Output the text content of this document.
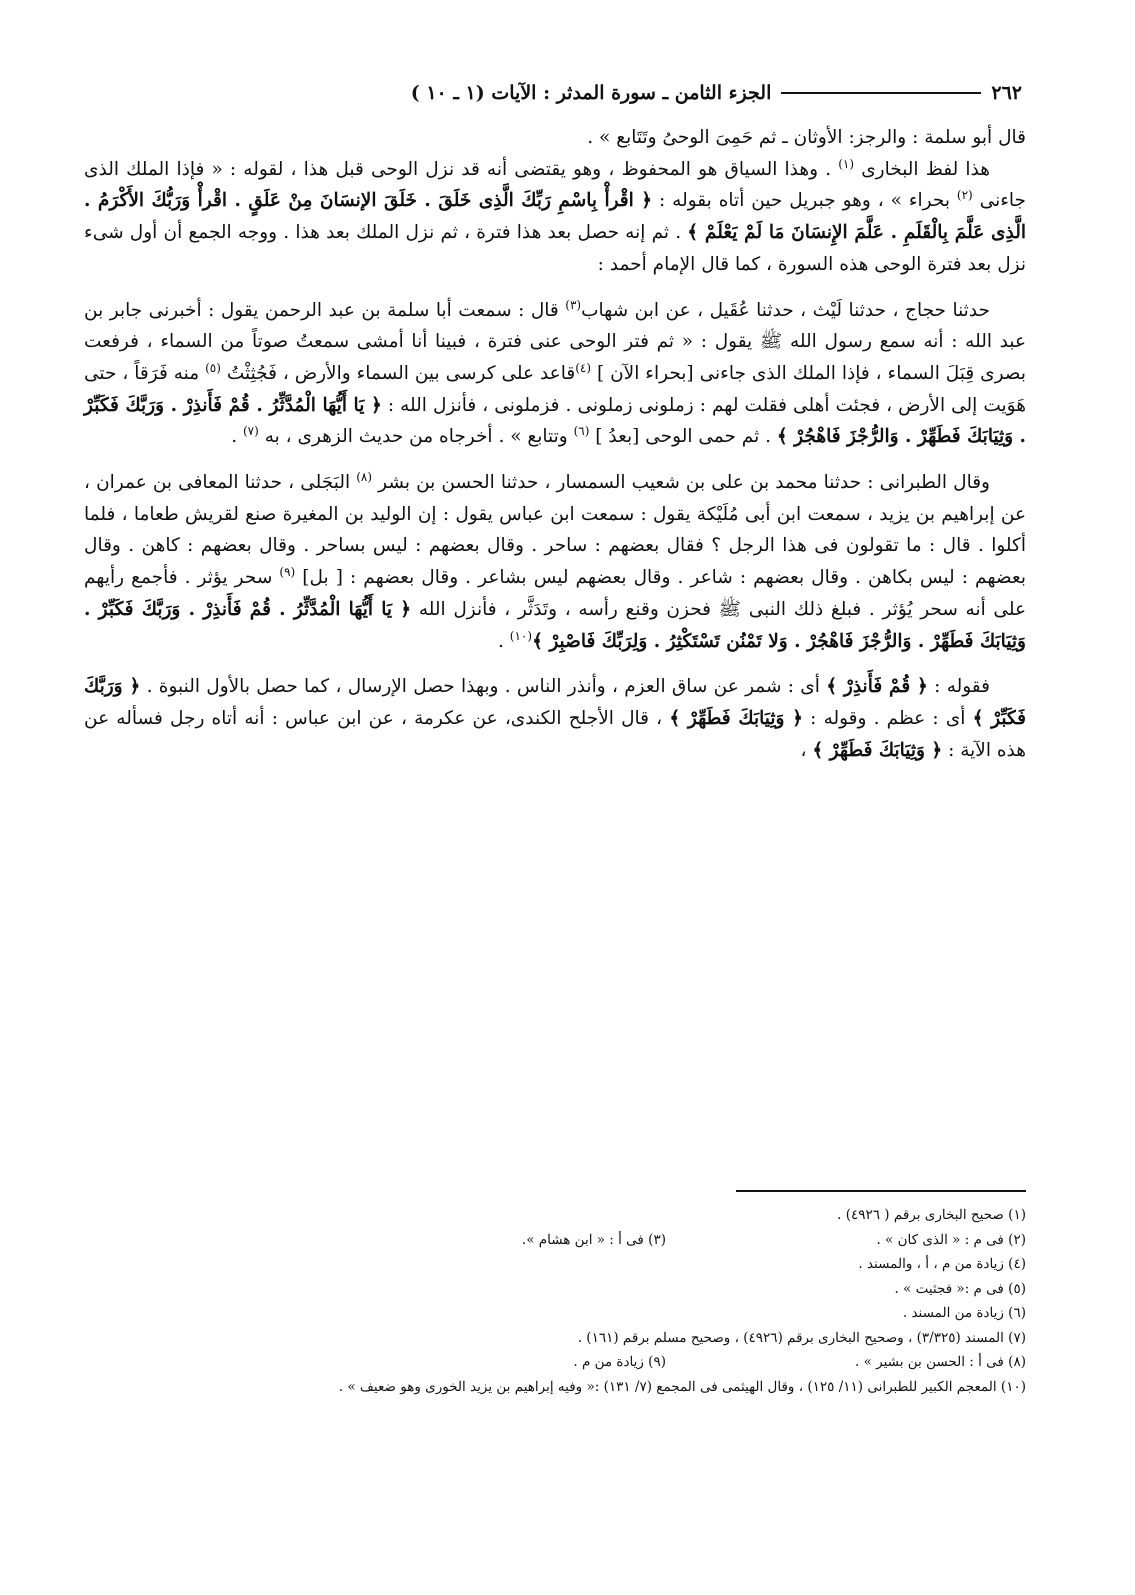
٢٦٢
الجزء الثامن ـ سورة المدثر : الآيات (١ ـ ١٠ )

قال أبو سلمة : والرجز: الأوثان ـ ثم حَمِىَ الوحىُ وتَتَابع » .

هذا لفظ البخارى $^{(١)}$ . وهذا السياق هو المحفوظ ، وهو يقتضى أنه قد نزل الوحى قبل هذا ، لقوله : « فإذا الملك الذى جاءنى $^{(٢)}$ بحراء » ، وهو جبريل حين أتاه بقوله : ﴿ اقْرأْ بِاسْمِ رَبِّكَ الَّذِى خَلَقَ . خَلَقَ الإنسَانَ مِنْ عَلَقٍ . اقْرأْ وَرَبُّكَ الأَكْرَمُ . الَّذِى عَلَّمَ بِالْقَلَمِ . عَلَّمَ الإِنسَانَ مَا لَمْ يَعْلَمْ ﴾ . ثم إنه حصل بعد هذا فترة ، ثم نزل الملك بعد هذا . ووجه الجمع أن أول شىء نزل بعد فترة الوحى هذه السورة ، كما قال الإمام أحمد :

حدثنا حجاج ، حدثنا لَيْث ، حدثنا عُقَيل ، عن ابن شهاب$^{(٣)}$ قال : سمعت أبا سلمة بن عبد الرحمن يقول : أخبرنى جابر بن عبد الله : أنه سمع رسول الله ﷺ يقول : « ثم فتر الوحى عنى فترة ، فبينا أنا أمشى سمعتُ صوتاً من السماء ، فرفعت بصرى قِبَلَ السماء ، فإذا الملك الذى جاءنى [بحراء الآن ] $^{(٤)}$قاعد على كرسى بين السماء والأرض ، فَجُثِثْتُ $^{(٥)}$ منه فَرَقاً ، حتى هَوَيت إلى الأرض ، فجئت أهلى فقلت لهم : زملونى زملونى . فزملونى ، فأنزل الله : ﴿ يَا أَيُّهَا الْمُدَّثِّرُ . قُمْ فَأَنذِرْ . وَرَبَّكَ فَكَبِّرْ . وَثِيَابَكَ فَطَهِّرْ . وَالرُّجْزَ فَاهْجُرْ ﴾ . ثم حمى الوحى [بعدُ ] $^{(٦)}$ وتتابع » . أخرجاه من حديث الزهرى ، به $^{(٧)}$ .

وقال الطبرانى : حدثنا محمد بن على بن شعيب السمسار ، حدثنا الحسن بن بشر $^{(٨)}$ البَجَلى ، حدثنا المعافى بن عمران ، عن إبراهيم بن يزيد ، سمعت ابن أبى مُلَيْكة يقول : سمعت ابن عباس يقول : إن الوليد بن المغيرة صنع لقريش طعاما ، فلما أكلوا . قال : ما تقولون فى هذا الرجل ؟ فقال بعضهم : ساحر . وقال بعضهم : ليس بساحر . وقال بعضهم : كاهن . وقال بعضهم : ليس بكاهن . وقال بعضهم : شاعر . وقال بعضهم ليس بشاعر . وقال بعضهم : [ بل] $^{(٩)}$ سحر يؤثر . فأجمع رأيهم على أنه سحر يُؤثر . فبلغ ذلك النبى ﷺ فحزن وقنع رأسه ، وتَدَثَّر ، فأنزل الله ﴿ يَا أَيُّهَا الْمُدَّثِّرُ . قُمْ فَأَنذِرْ . وَرَبَّكَ فَكَبِّرْ . وَثِيَابَكَ فَطَهِّرْ . وَالرُّجْزَ فَاهْجُرْ . وَلا تَمْنُن تَسْتَكْثِرُ . وَلِرَبِّكَ فَاصْبِرْ ﴾$^{(١٠)}$ .

فقوله : ﴿ قُمْ فَأَنذِرْ ﴾ أى : شمر عن ساق العزم ، وأنذر الناس . وبهذا حصل الإرسال ، كما حصل بالأول النبوة . ﴿ وَرَبَّكَ فَكَبِّرْ ﴾ أى : عظم . وقوله : ﴿ وَثِيَابَكَ فَطَهِّرْ ﴾ ، قال الأجلح الكندى، عن عكرمة ، عن ابن عباس : أنه أتاه رجل فسأله عن هذه الآية : ﴿ وَثِيَابَكَ فَطَهِّرْ ﴾ ،

(١) صحيح البخارى برقم ( ٤٩٢٦) .
(٢) فى م : « الذى كان » .
(٣) فى أ : « ابن هشام ».
(٤) زيادة من م ، أ ، والمسند .
(٥) فى م :« فجثيت » .
(٦) زيادة من المسند .
(٧) المسند (٣/٣٢٥) ، وصحيح البخارى برقم (٤٩٢٦) ، وصحيح مسلم برقم (١٦١) .
(٨) فى أ : الحسن بن بشير » .
(٩) زيادة من م .
(١٠) المعجم الكبير للطبرانى (١١/ ١٢٥) ، وقال الهيثمى فى المجمع (٧/ ١٣١) :« وفيه إبراهيم بن يزيد الخورى وهو ضعيف » .
